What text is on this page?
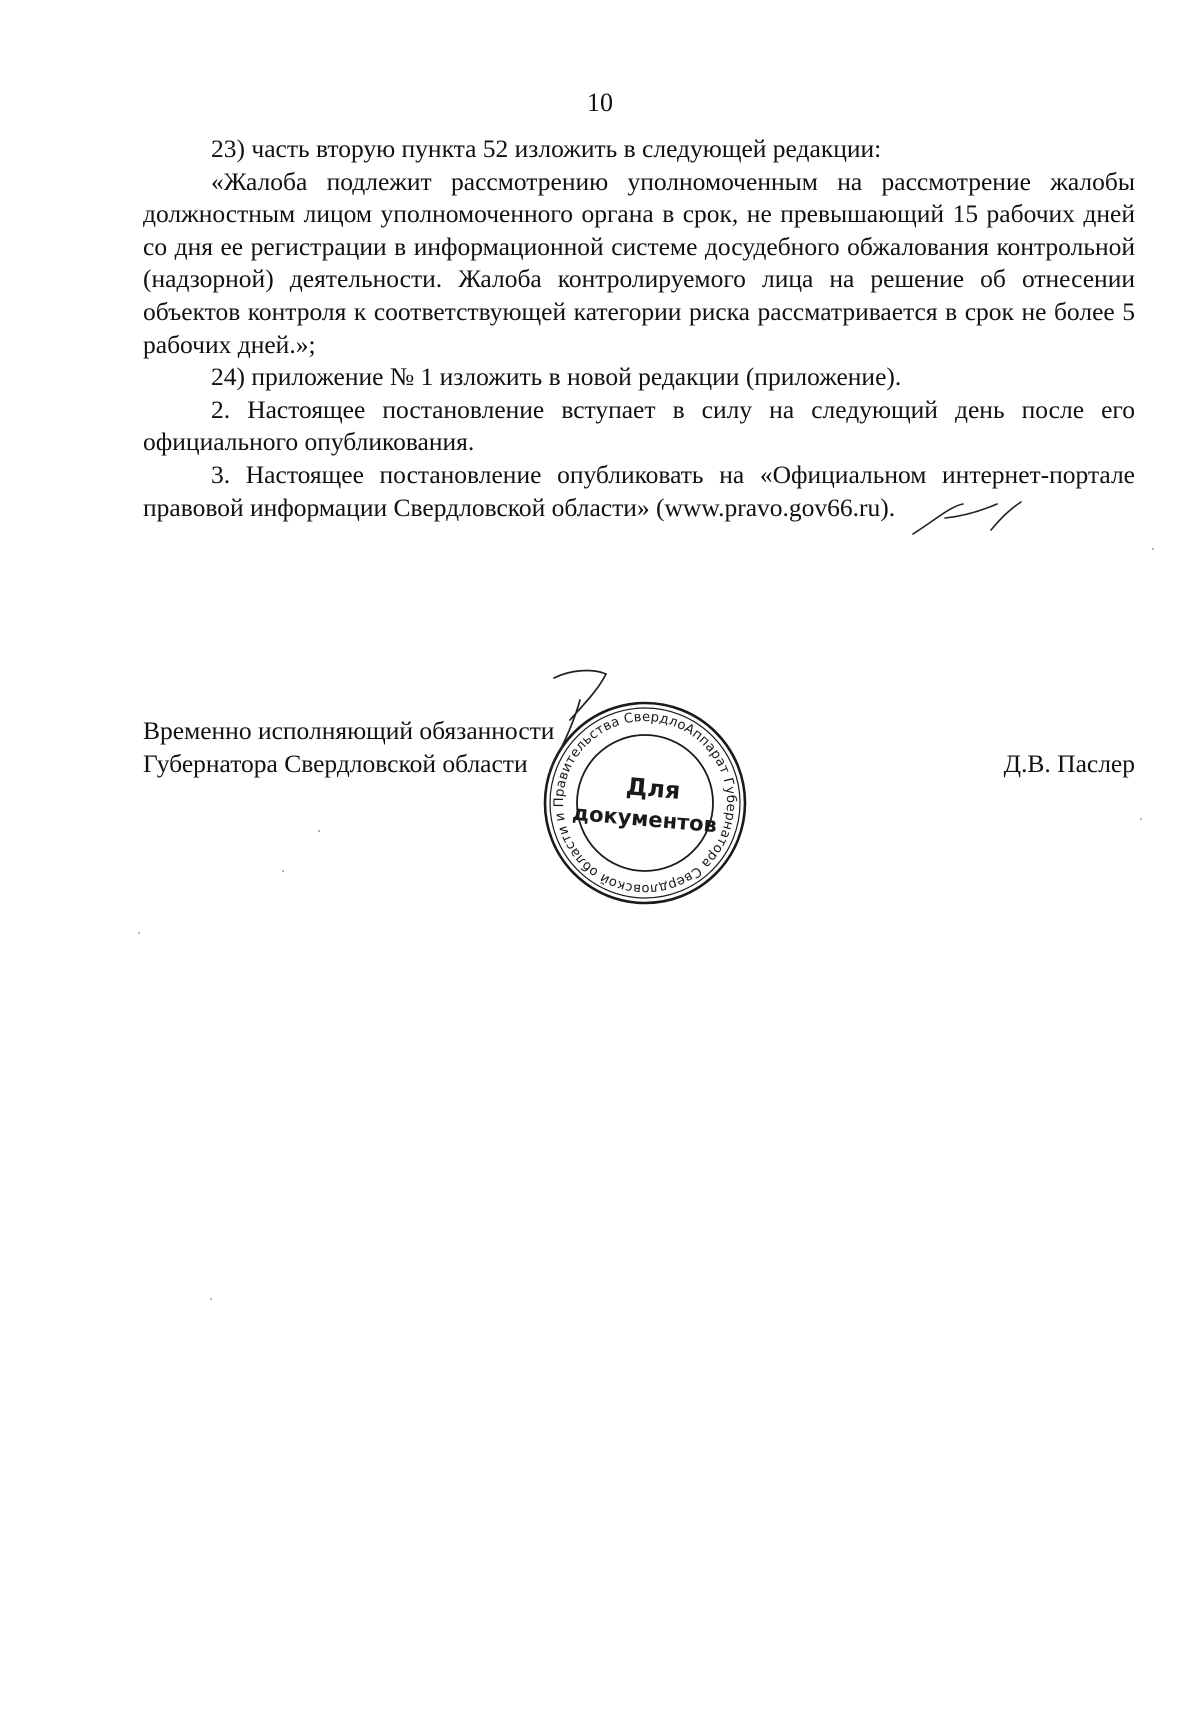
10

23) часть вторую пункта 52 изложить в следующей редакции:

«Жалоба подлежит рассмотрению уполномоченным на рассмотрение жалобы должностным лицом уполномоченного органа в срок, не превышающий 15 рабочих дней со дня ее регистрации в информационной системе досудебного обжалования контрольной (надзорной) деятельности. Жалоба контролируемого лица на решение об отнесении объектов контроля к соответствующей категории риска рассматривается в срок не более 5 рабочих дней.»;

24) приложение № 1 изложить в новой редакции (приложение).

2. Настоящее постановление вступает в силу на следующий день после его официального опубликования.

3. Настоящее постановление опубликовать на «Официальном интернет-портале правовой информации Свердловской области» (www.pravo.gov66.ru).

Временно исполняющий обязанности
Губернатора Свердловской области	Д.В. Паслер
Аппарат Губернатора Свердловской области и Правительства Свердловской
Для
документов
